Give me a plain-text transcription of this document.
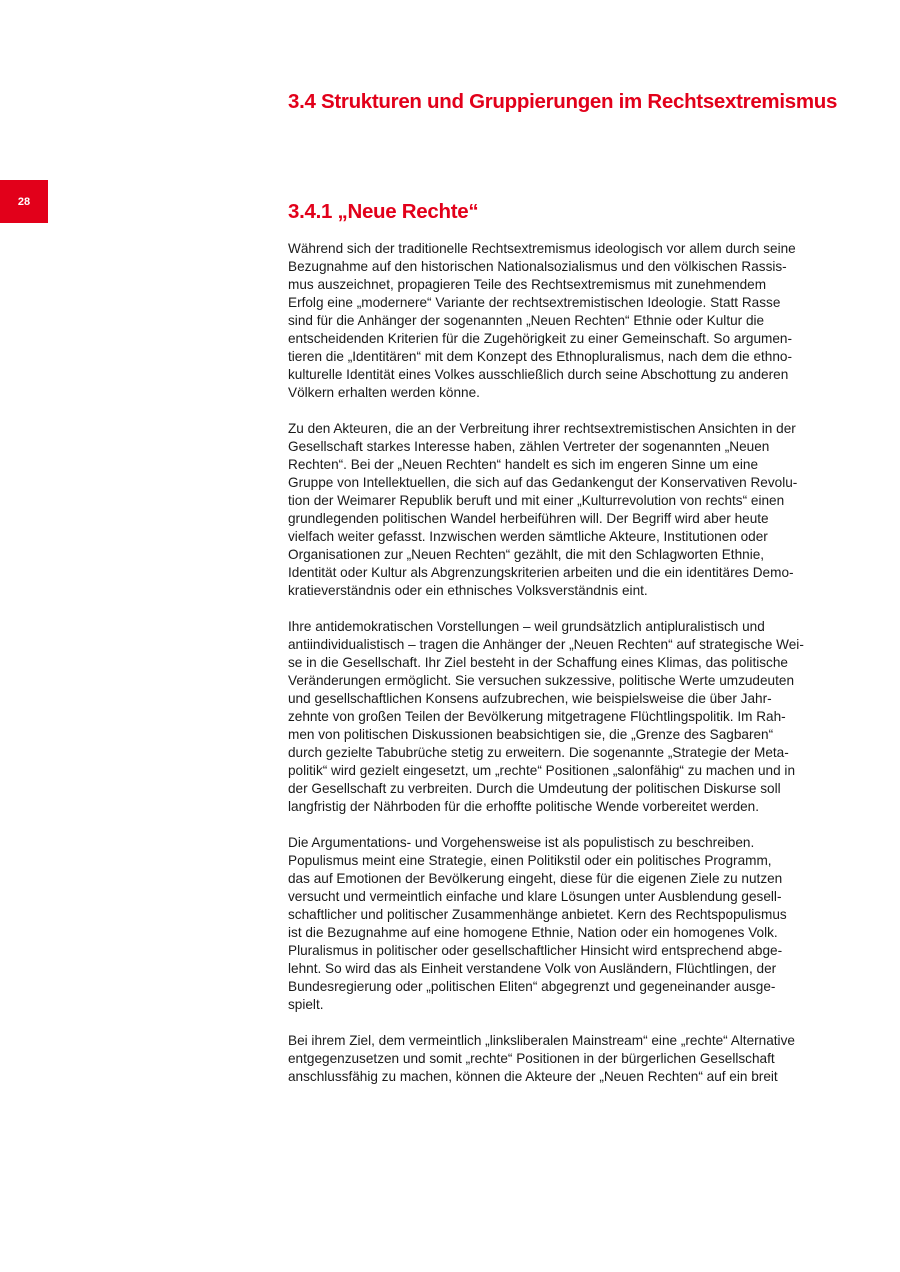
3.4 Strukturen und Gruppierungen im Rechtsextremismus
28	3.4.1 „Neue Rechte“
Während sich der traditionelle Rechtsextremismus ideologisch vor allem durch seine
Bezugnahme auf den historischen Nationalsozialismus und den völkischen Rassis-
mus auszeichnet, propagieren Teile des Rechtsextremismus mit zunehmendem
Erfolg eine „modernere“ Variante der rechtsextremistischen Ideologie. Statt Rasse
sind für die Anhänger der sogenannten „Neuen Rechten“ Ethnie oder Kultur die
entscheidenden Kriterien für die Zugehörigkeit zu einer Gemeinschaft. So argumen-
tieren die „Identitären“ mit dem Konzept des Ethnopluralismus, nach dem die ethno-
kulturelle Identität eines Volkes ausschließlich durch seine Abschottung zu anderen
Völkern erhalten werden könne.
Zu den Akteuren, die an der Verbreitung ihrer rechtsextremistischen Ansichten in der
Gesellschaft starkes Interesse haben, zählen Vertreter der sogenannten „Neuen
Rechten“. Bei der „Neuen Rechten“ handelt es sich im engeren Sinne um eine
Gruppe von Intellektuellen, die sich auf das Gedankengut der Konservativen Revolu-
tion der Weimarer Republik beruft und mit einer „Kulturrevolution von rechts“ einen
grundlegenden politischen Wandel herbeiführen will. Der Begriff wird aber heute
vielfach weiter gefasst. Inzwischen werden sämtliche Akteure, Institutionen oder
Organisationen zur „Neuen Rechten“ gezählt, die mit den Schlagworten Ethnie,
Identität oder Kultur als Abgrenzungskriterien arbeiten und die ein identitäres Demo-
kratieverständnis oder ein ethnisches Volksverständnis eint.
Ihre antidemokratischen Vorstellungen – weil grundsätzlich antipluralistisch und
antiindividualistisch – tragen die Anhänger der „Neuen Rechten“ auf strategische Wei-
se in die Gesellschaft. Ihr Ziel besteht in der Schaffung eines Klimas, das politische
Veränderungen ermöglicht. Sie versuchen sukzessive, politische Werte umzudeuten
und gesellschaftlichen Konsens aufzubrechen, wie beispielsweise die über Jahr-
zehnte von großen Teilen der Bevölkerung mitgetragene Flüchtlingspolitik. Im Rah-
men von politischen Diskussionen beabsichtigen sie, die „Grenze des Sagbaren“
durch gezielte Tabubrüche stetig zu erweitern. Die sogenannte „Strategie der Meta-
politik“ wird gezielt eingesetzt, um „rechte“ Positionen „salonfähig“ zu machen und in
der Gesellschaft zu verbreiten. Durch die Umdeutung der politischen Diskurse soll
langfristig der Nährboden für die erhoffte politische Wende vorbereitet werden.
Die Argumentations- und Vorgehensweise ist als populistisch zu beschreiben.
Populismus meint eine Strategie, einen Politikstil oder ein politisches Programm,
das auf Emotionen der Bevölkerung eingeht, diese für die eigenen Ziele zu nutzen
versucht und vermeintlich einfache und klare Lösungen unter Ausblendung gesell-
schaftlicher und politischer Zusammenhänge anbietet. Kern des Rechtspopulismus
ist die Bezugnahme auf eine homogene Ethnie, Nation oder ein homogenes Volk.
Pluralismus in politischer oder gesellschaftlicher Hinsicht wird entsprechend abge-
lehnt. So wird das als Einheit verstandene Volk von Ausländern, Flüchtlingen, der
Bundesregierung oder „politischen Eliten“ abgegrenzt und gegeneinander ausge-
spielt.
Bei ihrem Ziel, dem vermeintlich „linksliberalen Mainstream“ eine „rechte“ Alternative
entgegenzusetzen und somit „rechte“ Positionen in der bürgerlichen Gesellschaft
anschlussfähig zu machen, können die Akteure der „Neuen Rechten“ auf ein breit
